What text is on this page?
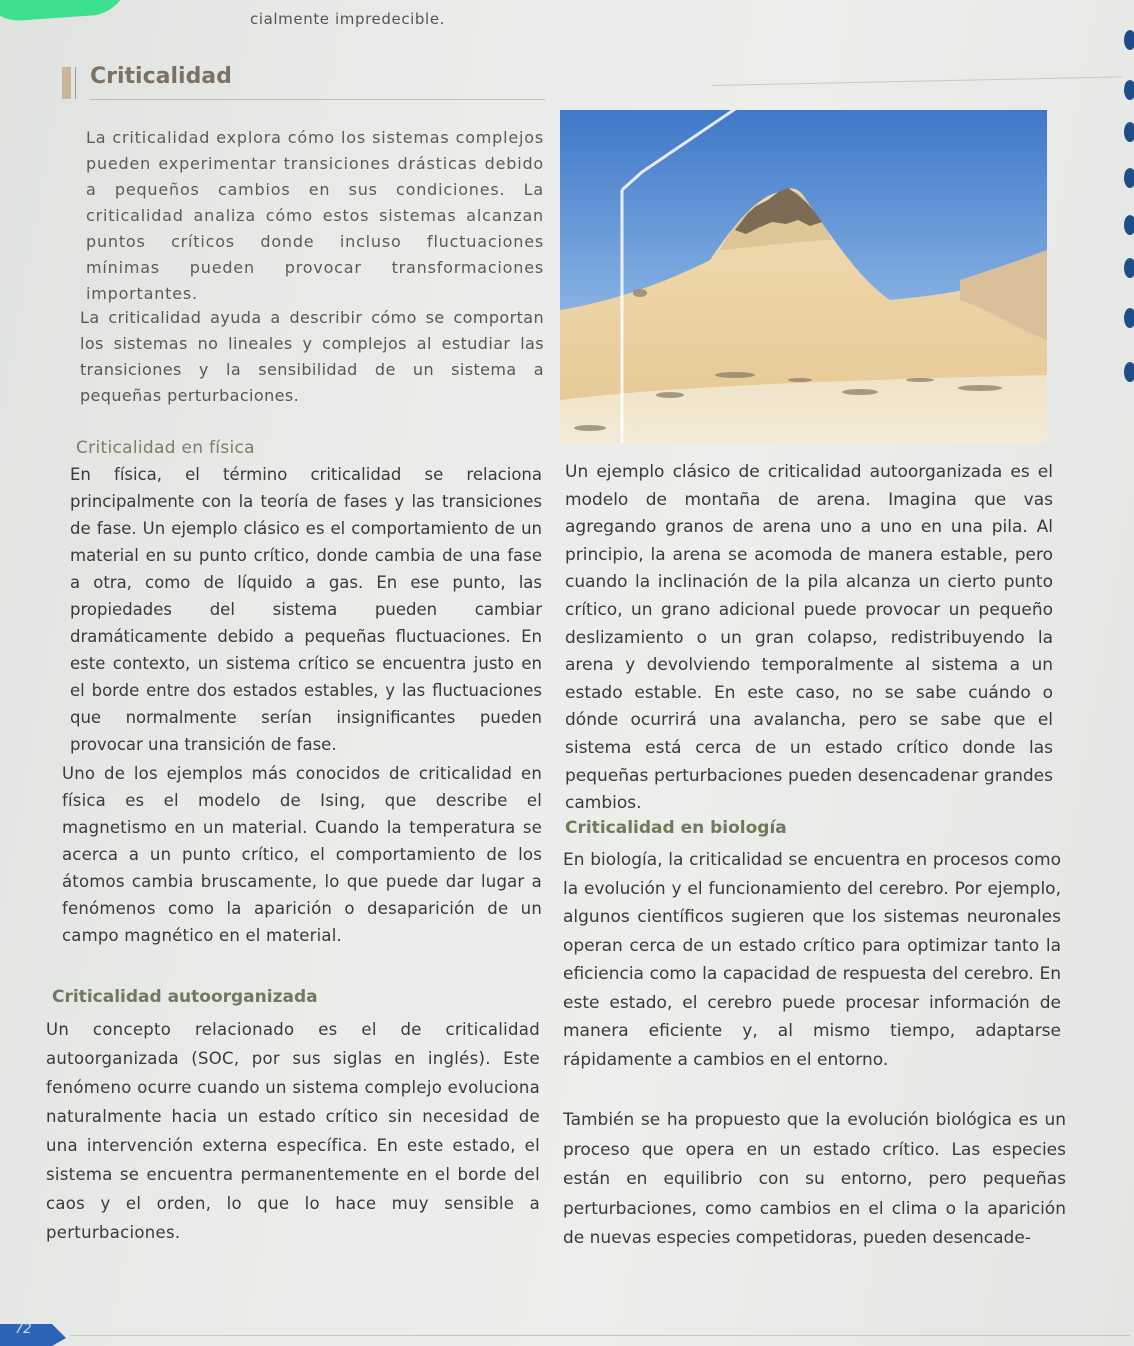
cialmente impredecible.
Criticalidad
La criticalidad explora cómo los sistemas complejos pueden experimentar transiciones drásticas debido a pequeños cambios en sus condiciones. La criticalidad analiza cómo estos sistemas alcanzan puntos críticos donde incluso fluctuaciones mínimas pueden provocar transformaciones importantes.
La criticalidad ayuda a describir cómo se comportan los sistemas no lineales y complejos al estudiar las transiciones y la sensibilidad de un sistema a pequeñas perturbaciones.
Criticalidad en física
En física, el término criticalidad se relaciona principalmente con la teoría de fases y las transiciones de fase. Un ejemplo clásico es el comportamiento de un material en su punto crítico, donde cambia de una fase a otra, como de líquido a gas. En ese punto, las propiedades del sistema pueden cambiar dramáticamente debido a pequeñas fluctuaciones. En este contexto, un sistema crítico se encuentra justo en el borde entre dos estados estables, y las fluctuaciones que normalmente serían insignificantes pueden provocar una transición de fase.
Uno de los ejemplos más conocidos de criticalidad en física es el modelo de Ising, que describe el magnetismo en un material. Cuando la temperatura se acerca a un punto crítico, el comportamiento de los átomos cambia bruscamente, lo que puede dar lugar a fenómenos como la aparición o desaparición de un campo magnético en el material.
Criticalidad autoorganizada
Un concepto relacionado es el de criticalidad autoorganizada (SOC, por sus siglas en inglés). Este fenómeno ocurre cuando un sistema complejo evoluciona naturalmente hacia un estado crítico sin necesidad de una intervención externa específica. En este estado, el sistema se encuentra permanentemente en el borde del caos y el orden, lo que lo hace muy sensible a perturbaciones.
Un ejemplo clásico de criticalidad autoorganizada es el modelo de montaña de arena. Imagina que vas agregando granos de arena uno a uno en una pila. Al principio, la arena se acomoda de manera estable, pero cuando la inclinación de la pila alcanza un cierto punto crítico, un grano adicional puede provocar un pequeño deslizamiento o un gran colapso, redistribuyendo la arena y devolviendo temporalmente al sistema a un estado estable. En este caso, no se sabe cuándo o dónde ocurrirá una avalancha, pero se sabe que el sistema está cerca de un estado crítico donde las pequeñas perturbaciones pueden desencadenar grandes cambios.
Criticalidad en biología
En biología, la criticalidad se encuentra en procesos como la evolución y el funcionamiento del cerebro. Por ejemplo, algunos científicos sugieren que los sistemas neuronales operan cerca de un estado crítico para optimizar tanto la eficiencia como la capacidad de respuesta del cerebro. En este estado, el cerebro puede procesar información de manera eficiente y, al mismo tiempo, adaptarse rápidamente a cambios en el entorno.
También se ha propuesto que la evolución biológica es un proceso que opera en un estado crítico. Las especies están en equilibrio con su entorno, pero pequeñas perturbaciones, como cambios en el clima o la aparición de nuevas especies competidoras, pueden desencade-
72
